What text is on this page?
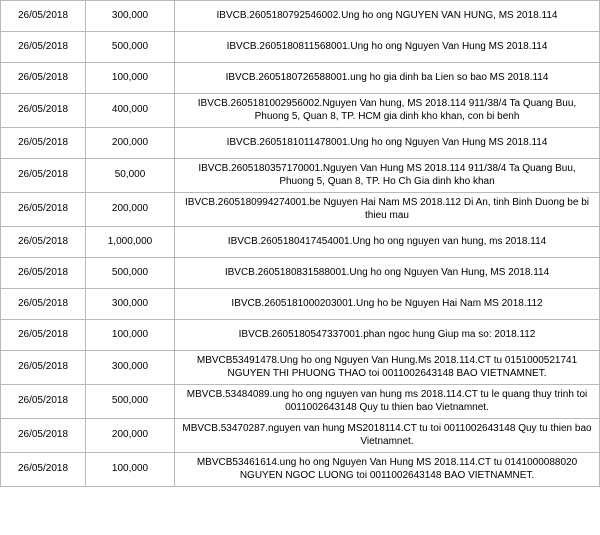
26/05/2018	300,000	IBVCB.2605180792546002.Ung ho ong NGUYEN VAN HUNG, MS 2018.114
26/05/2018	500,000	IBVCB.2605180811568001.Ung ho ong Nguyen Van Hung MS 2018.114
26/05/2018	100,000	IBVCB.2605180726588001.ung ho gia dinh ba Lien so bao MS 2018.114
26/05/2018	400,000	IBVCB.2605181002956002.Nguyen Van hung, MS 2018.114 911/38/4 Ta Quang Buu, Phuong 5, Quan 8, TP. HCM gia dinh kho khan, con bi benh
26/05/2018	200,000	IBVCB.2605181011478001.Ung ho ong Nguyen Van Hung MS 2018.114
26/05/2018	50,000	IBVCB.2605180357170001.Nguyen Van Hung MS 2018.114 911/38/4 Ta Quang Buu, Phuong 5, Quan 8, TP. Ho Ch Gia dinh kho khan
26/05/2018	200,000	IBVCB.2605180994274001.be Nguyen Hai Nam MS 2018.112 Di An, tinh Binh Duong be bi thieu mau
26/05/2018	1,000,000	IBVCB.2605180417454001.Ung ho ong nguyen van hung, ms 2018.114
26/05/2018	500,000	IBVCB.2605180831588001.Ung ho ong Nguyen Van Hung, MS 2018.114
26/05/2018	300,000	IBVCB.2605181000203001.Ung ho be Nguyen Hai Nam MS 2018.112
26/05/2018	100,000	IBVCB.2605180547337001.phan ngoc hung Giup ma so: 2018.112
26/05/2018	300,000	MBVCB53491478.Ung ho ong Nguyen Van Hung.Ms 2018.114.CT tu 0151000521741 NGUYEN THI PHUONG THAO toi 0011002643148 BAO VIETNAMNET.
26/05/2018	500,000	MBVCB.53484089.ung ho ong nguyen van hung ms 2018.114.CT tu le quang thuy trinh toi 0011002643148 Quy tu thien bao Vietnamnet.
26/05/2018	200,000	MBVCB.53470287.nguyen van hung MS2018114.CT tu toi 0011002643148 Quy tu thien bao Vietnamnet.
26/05/2018	100,000	MBVCB53461614.ung ho ong Nguyen Van Hung MS 2018.114.CT tu 0141000088020 NGUYEN NGOC LUONG toi 0011002643148 BAO VIETNAMNET.
